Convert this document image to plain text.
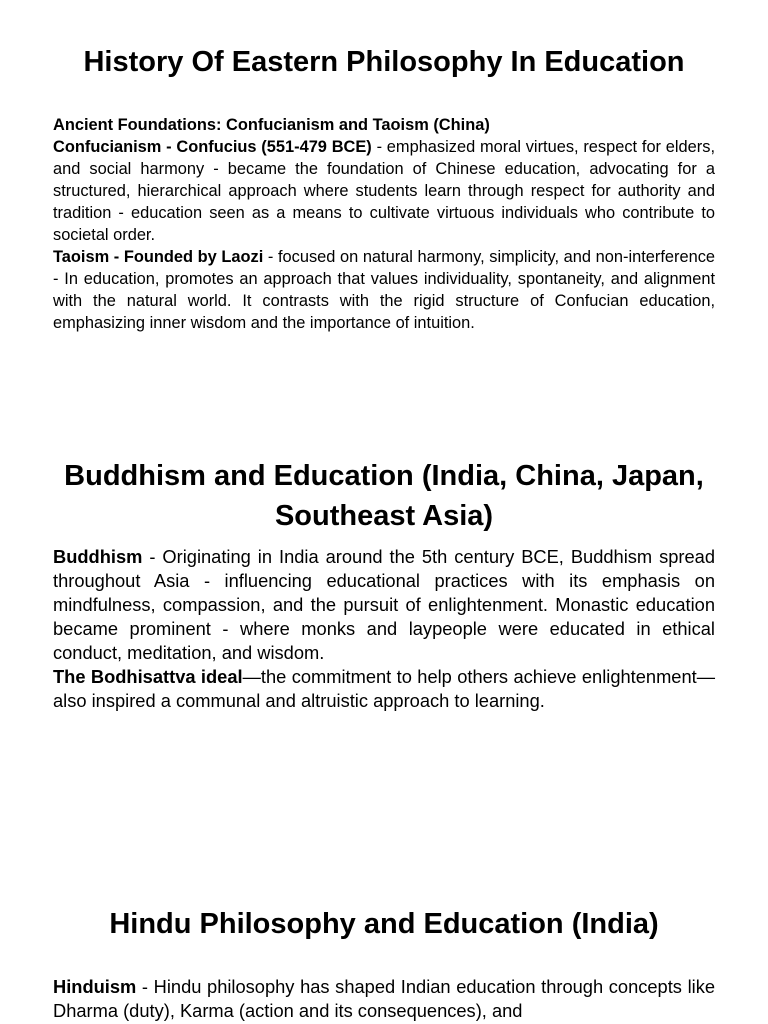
History Of Eastern Philosophy In Education

Ancient Foundations: Confucianism and Taoism (China)

Confucianism - Confucius (551-479 BCE) - emphasized moral virtues, respect for elders, and social harmony - became the foundation of Chinese education, advocating for a structured, hierarchical approach where students learn through respect for authority and tradition - education seen as a means to cultivate virtuous individuals who contribute to societal order.

Taoism - Founded by Laozi - focused on natural harmony, simplicity, and non-interference - In education, promotes an approach that values individuality, spontaneity, and alignment with the natural world. It contrasts with the rigid structure of Confucian education, emphasizing inner wisdom and the importance of intuition.

Buddhism and Education (India, China, Japan, Southeast Asia)

Buddhism - Originating in India around the 5th century BCE, Buddhism spread throughout Asia - influencing educational practices with its emphasis on mindfulness, compassion, and the pursuit of enlightenment. Monastic education became prominent - where monks and laypeople were educated in ethical conduct, meditation, and wisdom.

The Bodhisattva ideal—the commitment to help others achieve enlightenment—also inspired a communal and altruistic approach to learning.

Hindu Philosophy and Education (India)

Hinduism - Hindu philosophy has shaped Indian education through concepts like Dharma (duty), Karma (action and its consequences), and
